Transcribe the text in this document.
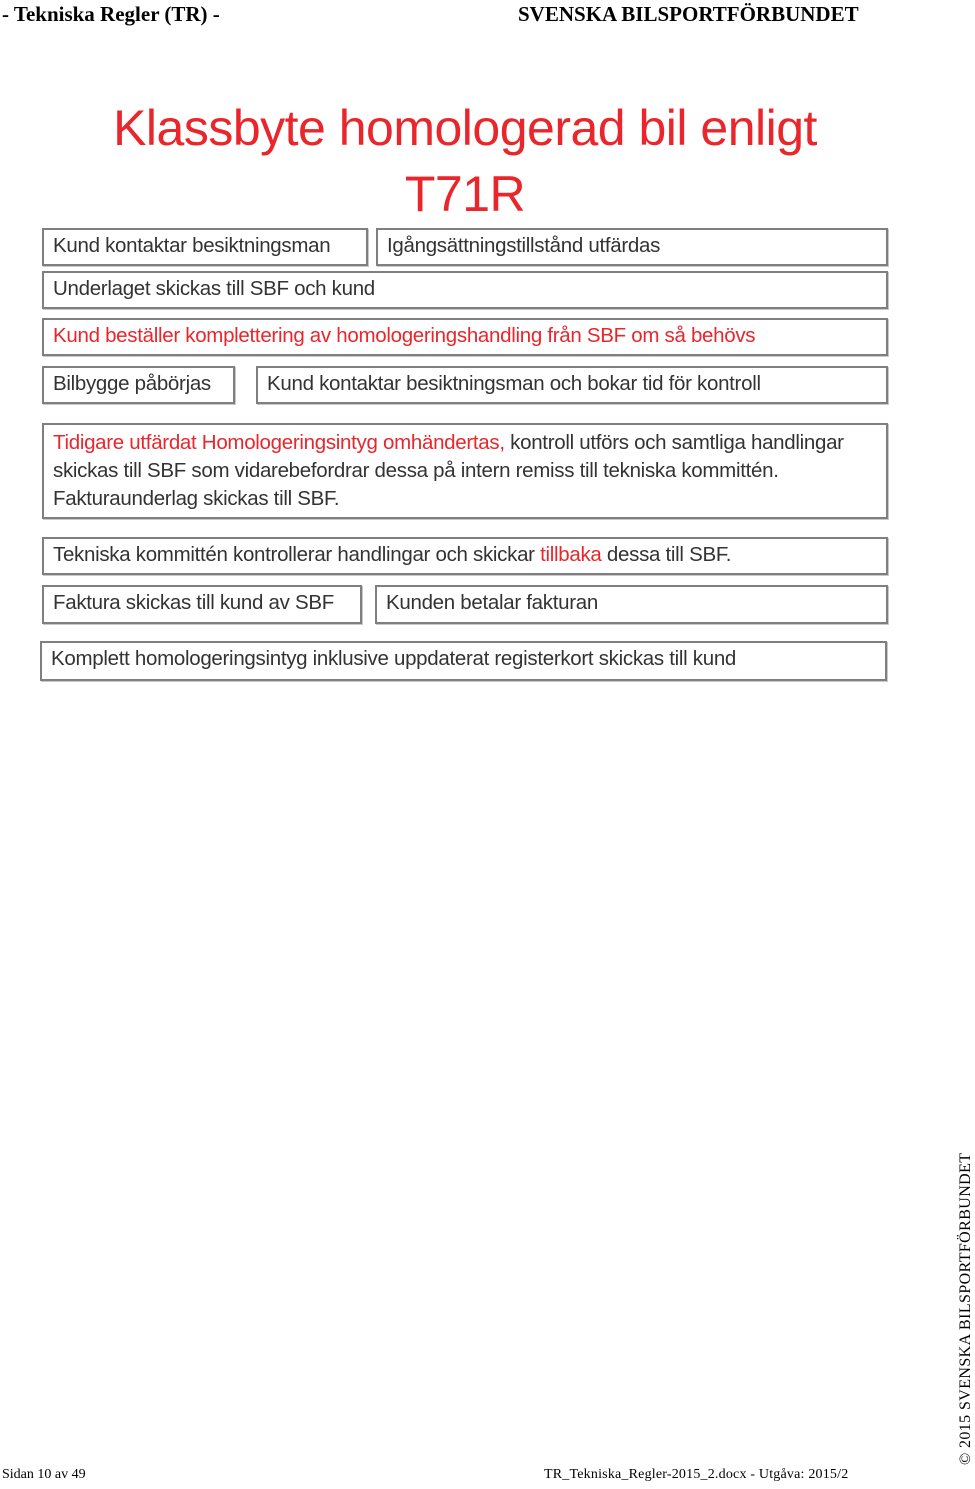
- Tekniska Regler (TR) -	SVENSKA BILSPORTFÖRBUNDET
Klassbyte homologerad bil enligt
T71R
Kund kontaktar besiktningsman	Igångsättningstillstånd utfärdas
Underlaget skickas till SBF och kund
Kund beställer komplettering av homologeringshandling från SBF om så behövs
Bilbygge påbörjas	Kund kontaktar besiktningsman och bokar tid för kontroll
Tidigare utfärdat Homologeringsintyg omhändertas, kontroll utförs och samtliga handlingar skickas till SBF som vidarebefordrar dessa på intern remiss till tekniska kommittén. Fakturaunderlag skickas till SBF.
Tekniska kommittén kontrollerar handlingar och skickar tillbaka dessa till SBF.
Faktura skickas till kund av SBF	Kunden betalar fakturan
Komplett homologeringsintyg inklusive uppdaterat registerkort skickas till kund
Sidan 10 av 49	TR_Tekniska_Regler-2015_2.docx - Utgåva: 2015/2
© 2015 SVENSKA BILSPORTFÖRBUNDET
